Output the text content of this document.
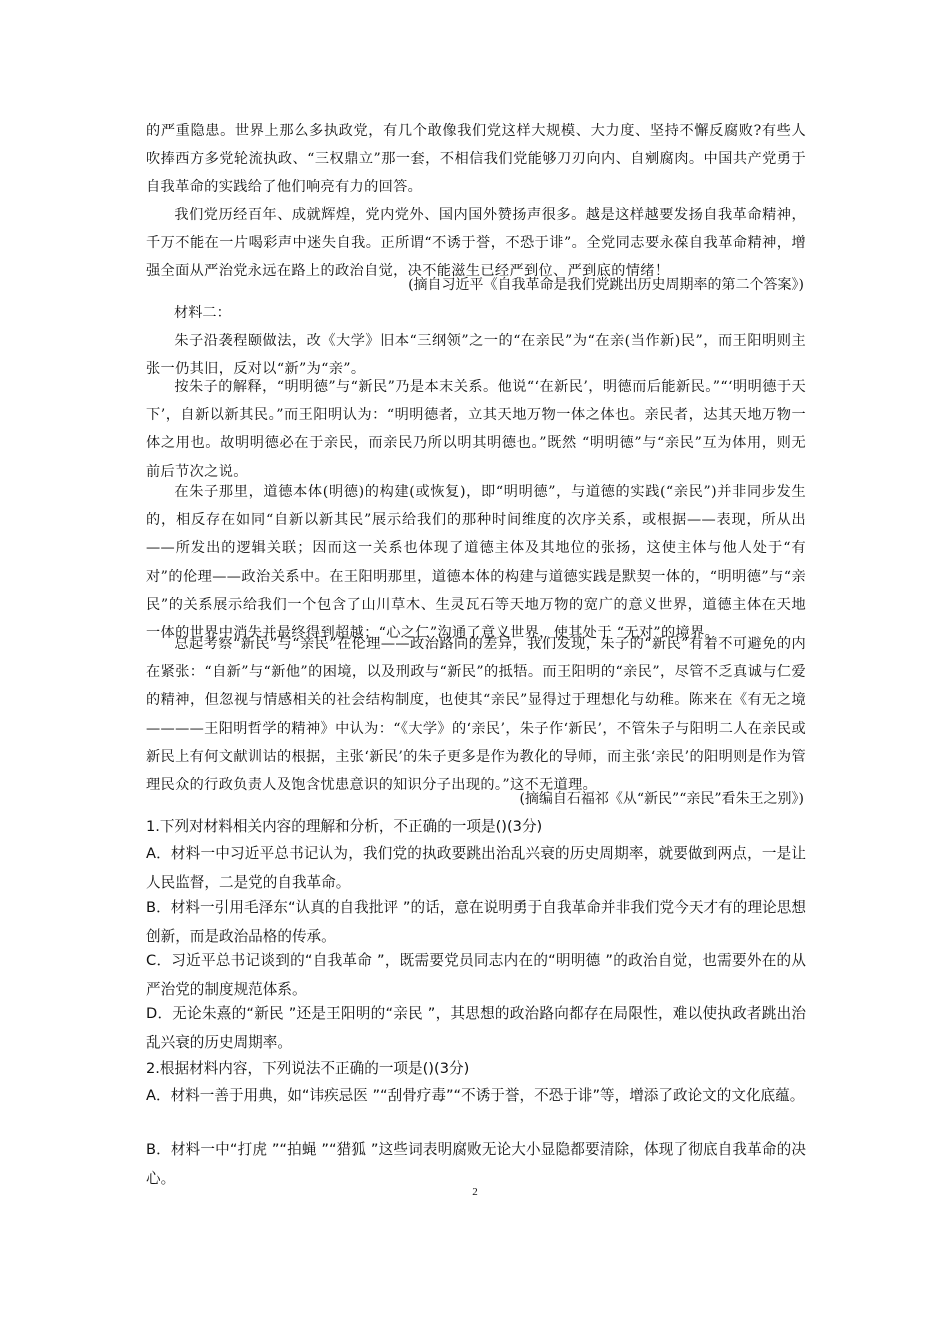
的严重隐患。世界上那么多执政党，有几个敢像我们党这样大规模、大力度、坚持不懈反腐败?有些人吹捧西方多党轮流执政、“三权鼎立”那一套，不相信我们党能够刀刃向内、自剜腐肉。中国共产党勇于自我革命的实践给了他们响亮有力的回答。

我们党历经百年、成就辉煌，党内党外、国内国外赞扬声很多。越是这样越要发扬自我革命精神，千万不能在一片喝彩声中迷失自我。正所谓“不诱于誉，不恐于诽”。全党同志要永葆自我革命精神，增强全面从严治党永远在路上的政治自觉，决不能滋生已经严到位、严到底的情绪！

(摘自习近平《自我革命是我们党跳出历史周期率的第二个答案》)

材料二：

朱子沿袭程颐做法，改《大学》旧本“三纲领”之一的“在亲民”为“在亲(当作新)民”，而王阳明则主张一仍其旧，反对以“新”为“亲”。

按朱子的解释，“明明德”与“新民”乃是本末关系。他说“‘在新民’，明德而后能新民。”“‘明明德于天下’，自新以新其民。”而王阳明认为：“明明德者，立其天地万物一体之体也。亲民者，达其天地万物一体之用也。故明明德必在于亲民，而亲民乃所以明其明德也。”既然 “明明德”与“亲民”互为体用，则无前后节次之说。

在朱子那里，道德本体(明德)的构建(或恢复)，即“明明德”，与道德的实践(“亲民”)并非同步发生的，相反存在如同“自新以新其民”展示给我们的那种时间维度的次序关系，或根据——表现，所从出——所发出的逻辑关联；因而这一关系也体现了道德主体及其地位的张扬，这使主体与他人处于“有对”的伦理——政治关系中。在王阳明那里，道德本体的构建与道德实践是默契一体的，“明明德”与“亲民”的关系展示给我们一个包含了山川草木、生灵瓦石等天地万物的宽广的意义世界，道德主体在天地一体的世界中消失并最终得到超越；“心之仁”沟通了意义世界，使其处于 “无对”的境界。

总起考察“新民”与“亲民”在伦理——政治路向的差异，我们发现，朱子的“新民”有着不可避免的内在紧张：“自新”与“新他”的困境，以及刑政与“新民”的抵牾。而王阳明的“亲民”，尽管不乏真诚与仁爱的精神，但忽视与情感相关的社会结构制度，也使其“亲民”显得过于理想化与幼稚。陈来在《有无之境————王阳明哲学的精神》中认为：“《大学》的‘亲民’，朱子作‘新民’，不管朱子与阳明二人在亲民或新民上有何文献训诂的根据，主张‘新民’的朱子更多是作为教化的导师，而主张‘亲民’的阳明则是作为管理民众的行政负责人及饱含忧患意识的知识分子出现的。”这不无道理。

(摘编自石福祁《从“新民”“亲民”看朱王之别》)

1.下列对材料相关内容的理解和分析，不正确的一项是()(3分)

A．材料一中习近平总书记认为，我们党的执政要跳出治乱兴衰的历史周期率，就要做到两点，一是让人民监督，二是党的自我革命。

B．材料一引用毛泽东“认真的自我批评 ”的话，意在说明勇于自我革命并非我们党今天才有的理论思想创新，而是政治品格的传承。

C．习近平总书记谈到的“自我革命 ”，既需要党员同志内在的“明明德 ”的政治自觉，也需要外在的从严治党的制度规范体系。

D．无论朱熹的“新民 ”还是王阳明的“亲民 ”，其思想的政治路向都存在局限性，难以使执政者跳出治乱兴衰的历史周期率。

2.根据材料内容，下列说法不正确的一项是()(3分)

A．材料一善于用典，如“讳疾忌医 ”“刮骨疗毒”“不诱于誉，不恐于诽”等，增添了政论文的文化底蕴。

B．材料一中“打虎 ”“拍蝇 ”“猎狐 ”这些词表明腐败无论大小显隐都要清除，体现了彻底自我革命的决心。

2
